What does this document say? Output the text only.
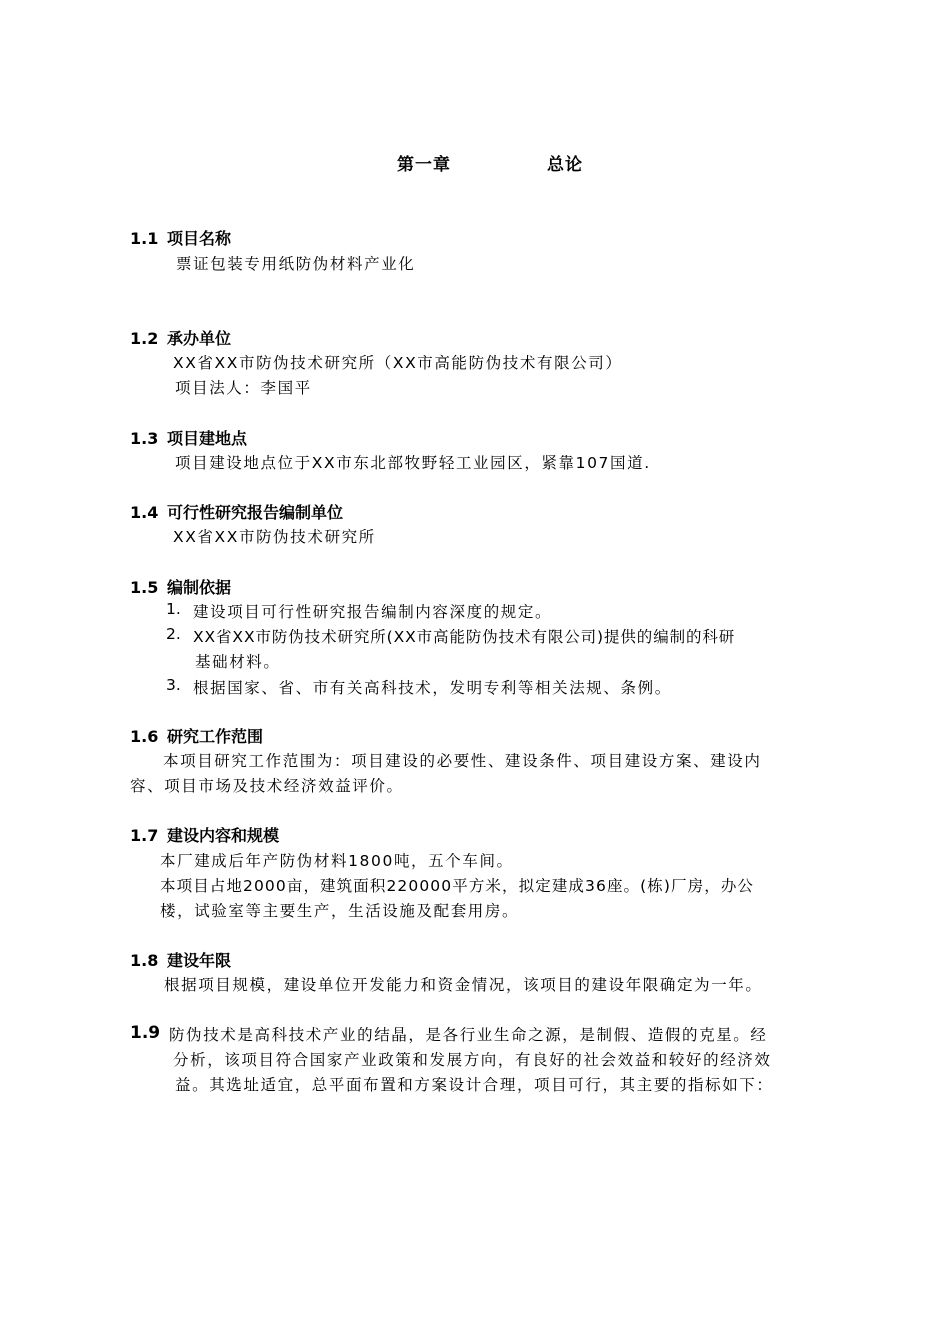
第一章	总论
1.1 项目名称
票证包装专用纸防伪材料产业化
1.2 承办单位
XX省XX市防伪技术研究所（XX市高能防伪技术有限公司）
项目法人：李国平
1.3 项目建地点
项目建设地点位于XX市东北部牧野轻工业园区，紧靠107国道.
1.4 可行性研究报告编制单位
XX省XX市防伪技术研究所
1.5 编制依据
1. 建设项目可行性研究报告编制内容深度的规定。
2. XX省XX市防伪技术研究所(XX市高能防伪技术有限公司)提供的编制的科研
基础材料。
3. 根据国家、省、市有关高科技术，发明专利等相关法规、条例。
1.6 研究工作范围
本项目研究工作范围为：项目建设的必要性、建设条件、项目建设方案、建设内
容、项目市场及技术经济效益评价。
1.7 建设内容和规模
本厂建成后年产防伪材料1800吨，五个车间。
本项目占地2000亩，建筑面积220000平方米，拟定建成36座。(栋)厂房，办公
楼，试验室等主要生产，生活设施及配套用房。
1.8 建设年限
根据项目规模，建设单位开发能力和资金情况，该项目的建设年限确定为一年。
1.9 防伪技术是高科技术产业的结晶，是各行业生命之源，是制假、造假的克星。经
分析，该项目符合国家产业政策和发展方向，有良好的社会效益和较好的经济效
益。其选址适宜，总平面布置和方案设计合理，项目可行，其主要的指标如下：
